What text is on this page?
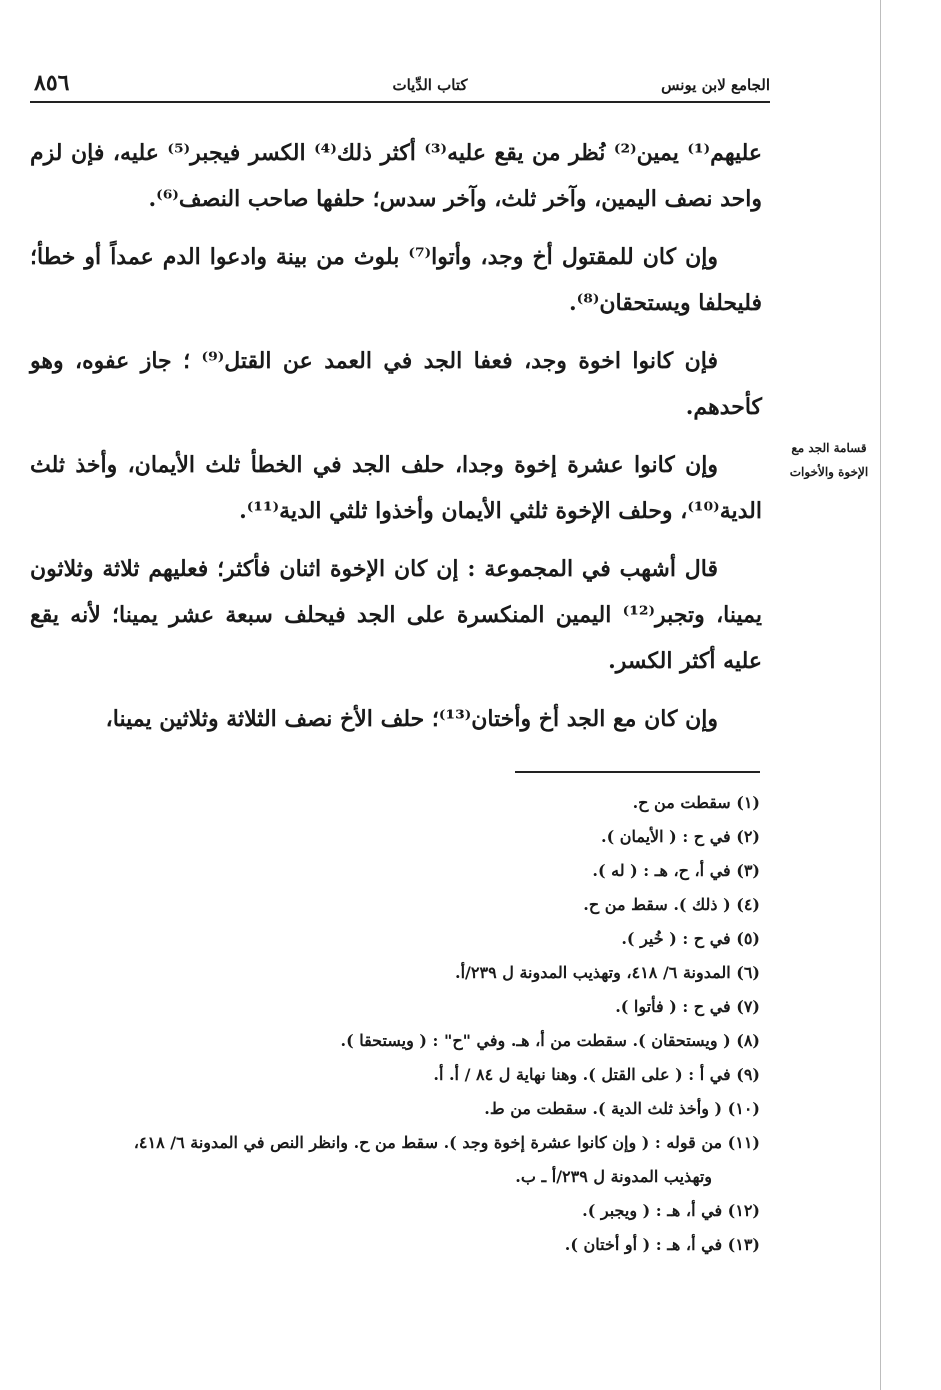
الجامع لابن يونس
كتاب الدِّيات
٨٥٦
قسامة الجد مع الإخوة والأخوات

عليهم⁽¹⁾ يمين⁽²⁾ نُظر من يقع عليه⁽³⁾ أكثر ذلك⁽⁴⁾ الكسر فيجبر⁽⁵⁾ عليه، فإن لزم واحد نصف اليمين، وآخر ثلث، وآخر سدس؛ حلفها صاحب النصف⁽⁶⁾.

وإن كان للمقتول أخ وجد، وأتوا⁽⁷⁾ بلوث من بينة وادعوا الدم عمداً أو خطأ؛ فليحلفا ويستحقان⁽⁸⁾.

فإن كانوا اخوة وجد، فعفا الجد في العمد عن القتل⁽⁹⁾ ؛ جاز عفوه، وهو كأحدهم.

وإن كانوا عشرة إخوة وجدا، حلف الجد في الخطأ ثلث الأيمان، وأخذ ثلث الدية⁽¹⁰⁾، وحلف الإخوة ثلثي الأيمان وأخذوا ثلثي الدية⁽¹¹⁾.

قال أشهب في المجموعة : إن كان الإخوة اثنان فأكثر؛ فعليهم ثلاثة وثلاثون يمينا، وتجبر⁽¹²⁾ اليمين المنكسرة على الجد فيحلف سبعة عشر يمينا؛ لأنه يقع عليه أكثر الكسر.

وإن كان مع الجد أخ وأختان⁽¹³⁾؛ حلف الأخ نصف الثلاثة وثلاثين يمينا،

(١) سقطت من ح.

(٢) في ح : ( الأيمان ).

(٣) في أ، ح، هـ : ( له ).

(٤) ( ذلك ). سقط من ح.

(٥) في ح : ( خُير ).

(٦) المدونة ٦/ ٤١٨، وتهذيب المدونة ل ٢٣٩/أ.

(٧) في ح : ( فأتوا ).

(٨) ( ويستحقان ). سقطت من أ، هـ. وفي "ح" : ( ويستحقا ).

(٩) في أ : ( على القتل ). وهنا نهاية ل ٨٤ / أ. أ.

(١٠) ( وأخذ ثلث الدية ). سقطت من ط.

(١١) من قوله : ( وإن كانوا عشرة إخوة وجد ). سقط من ح. وانظر النص في المدونة ٦/ ٤١٨،

وتهذيب المدونة ل ٢٣٩/أ ـ ب.

(١٢) في أ، هـ : ( ويجبر ).

(١٣) في أ، هـ : ( أو أختان ).
